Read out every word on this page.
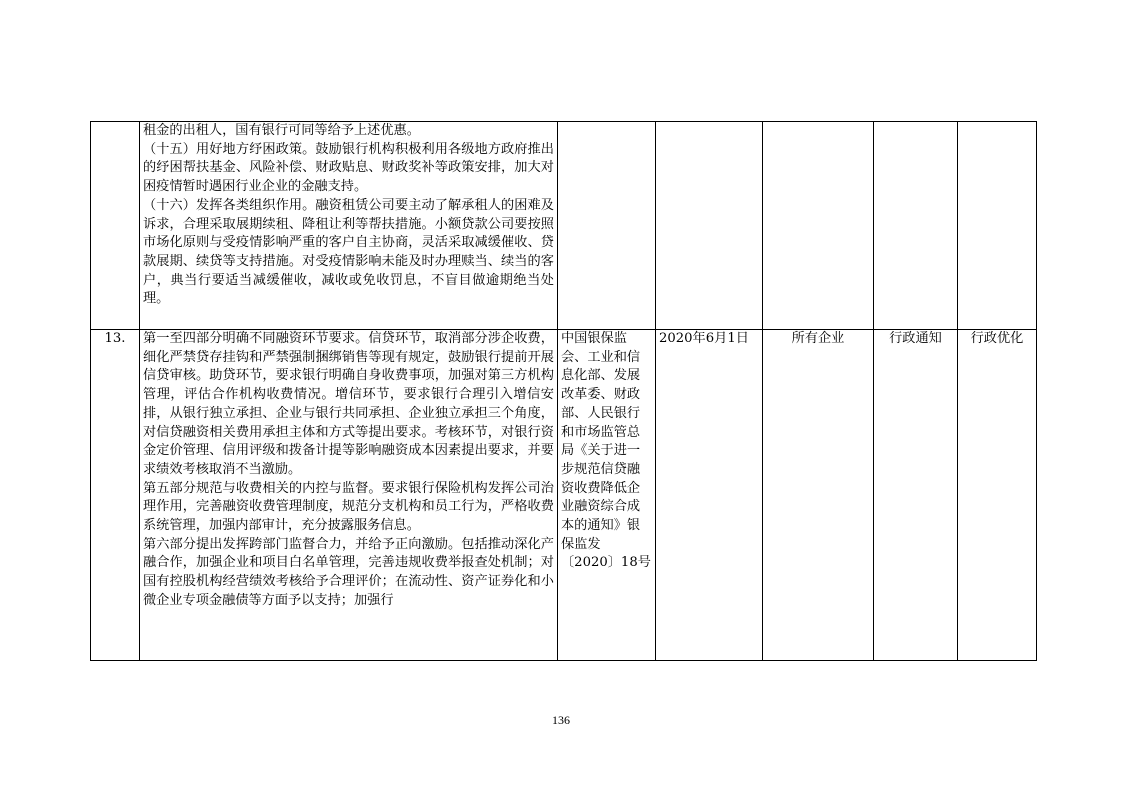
	租金的出租人，国有银行可同等给予上述优惠。
（十五）用好地方纾困政策。鼓励银行机构积极利用各级地方政府推出的纾困帮扶基金、风险补偿、财政贴息、财政奖补等政策安排，加大对困疫情暂时遇困行业企业的金融支持。
（十六）发挥各类组织作用。融资租赁公司要主动了解承租人的困难及诉求，合理采取展期续租、降租让利等帮扶措施。小额贷款公司要按照市场化原则与受疫情影响严重的客户自主协商，灵活采取减缓催收、贷款展期、续贷等支持措施。对受疫情影响未能及时办理赎当、续当的客户，典当行要适当减缓催收，减收或免收罚息，不盲目做逾期绝当处理。					

13.	第一至四部分明确不同融资环节要求。信贷环节，取消部分涉企收费，细化严禁贷存挂钩和严禁强制捆绑销售等现有规定，鼓励银行提前开展信贷审核。助贷环节，要求银行明确自身收费事项，加强对第三方机构管理，评估合作机构收费情况。增信环节，要求银行合理引入增信安排，从银行独立承担、企业与银行共同承担、企业独立承担三个角度，对信贷融资相关费用承担主体和方式等提出要求。考核环节，对银行资金定价管理、信用评级和拨备计提等影响融资成本因素提出要求，并要求绩效考核取消不当激励。
第五部分规范与收费相关的内控与监督。要求银行保险机构发挥公司治理作用，完善融资收费管理制度，规范分支机构和员工行为，严格收费系统管理，加强内部审计，充分披露服务信息。
第六部分提出发挥跨部门监督合力，并给予正向激励。包括推动深化产融合作，加强企业和项目白名单管理，完善违规收费举报查处机制；对国有控股机构经营绩效考核给予合理评价；在流动性、资产证券化和小微企业专项金融债等方面予以支持；加强行	中国银保监会、工业和信息化部、发展改革委、财政部、人民银行和市场监管总局《关于进一步规范信贷融资收费降低企业融资综合成本的通知》银保监发〔2020〕18号	2020年6月1日	所有企业	行政通知	行政优化
136
